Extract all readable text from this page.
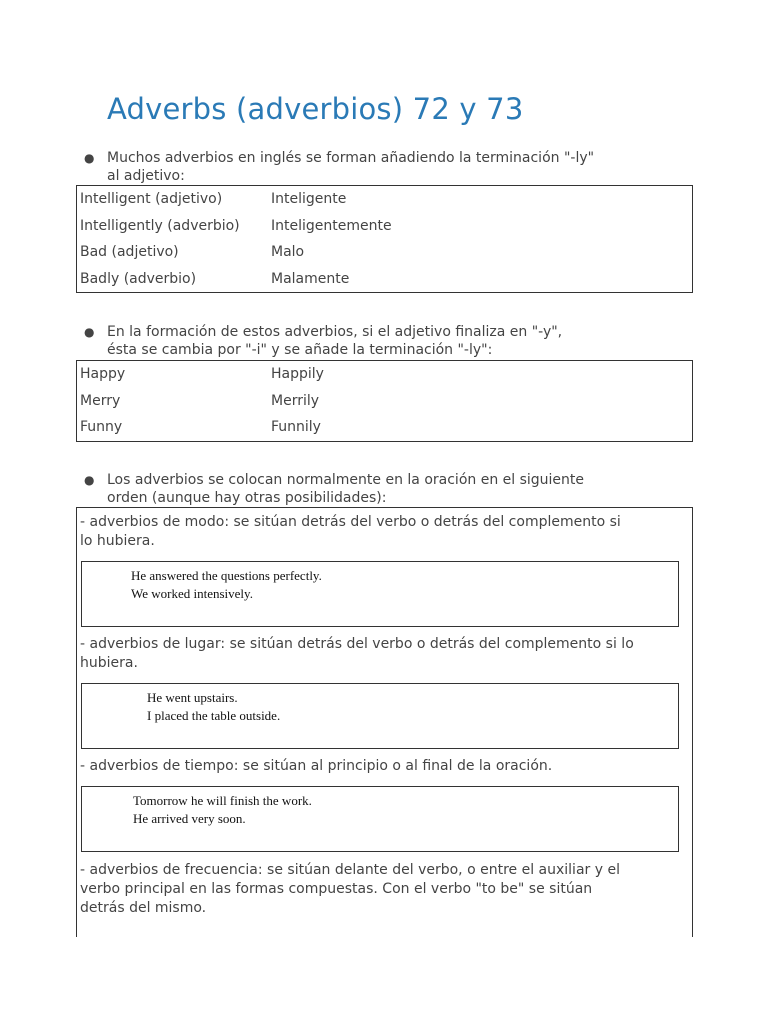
Adverbs (adverbios) 72 y 73
● Muchos adverbios en inglés se forman añadiendo la terminación "-ly"
al adjetivo:
Intelligent (adjetivo)	Inteligente
Intelligently (adverbio)	Inteligentemente
Bad (adjetivo)	Malo
Badly (adverbio)	Malamente
● En la formación de estos adverbios, si el adjetivo finaliza en "-y",
ésta se cambia por "-i" y se añade la terminación "-ly":
Happy	Happily
Merry	Merrily
Funny	Funnily
● Los adverbios se colocan normalmente en la oración en el siguiente
orden (aunque hay otras posibilidades):
- adverbios de modo: se sitúan detrás del verbo o detrás del complemento si
lo hubiera.
He answered the questions perfectly.
We worked intensively.
- adverbios de lugar: se sitúan detrás del verbo o detrás del complemento si lo
hubiera.
He went upstairs.
I placed the table outside.
- adverbios de tiempo: se sitúan al principio o al final de la oración.
Tomorrow he will finish the work.
He arrived very soon.
- adverbios de frecuencia: se sitúan delante del verbo, o entre el auxiliar y el
verbo principal en las formas compuestas. Con el verbo "to be" se sitúan
detrás del mismo.
